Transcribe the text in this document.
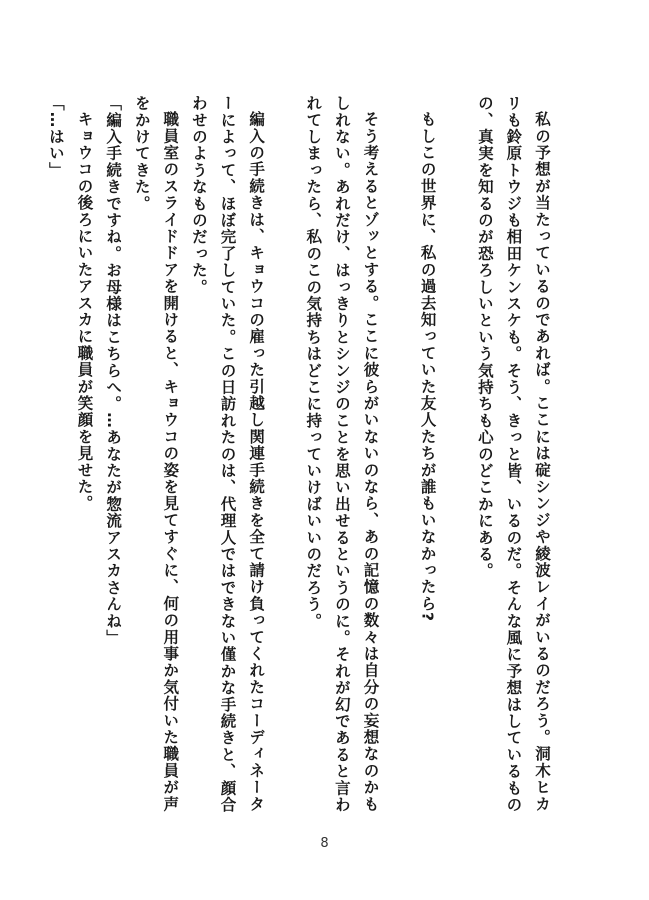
私の予想が当たっているのであれば。ここには碇シンジや綾波レイがいるのだろう。洞木ヒカ
リも鈴原トウジも相田ケンスケも。そう、きっと皆、いるのだ。そんな風に予想はしているもの
の、真実を知るのが恐ろしいという気持ちも心のどこかにある。

もしこの世界に、私の過去知っていた友人たちが誰もいなかったら?

そう考えるとゾッとする。ここに彼らがいないのなら、あの記憶の数々は自分の妄想なのかも
しれない。あれだけ、はっきりとシンジのことを思い出せるというのに。それが幻であると言わ
れてしまったら、私のこの気持ちはどこに持っていけばいいのだろう。

編入の手続きは、キョウコの雇った引越し関連手続きを全て請け負ってくれたコーディネータ
ーによって、ほぼ完了していた。この日訪れたのは、代理人ではできない僅かな手続きと、顔合
わせのようなものだった。
職員室のスライドドアを開けると、キョウコの姿を見てすぐに、何の用事か気付いた職員が声
をかけてきた。
「編入手続きですね。お母様はこちらへ。…あなたが惣流アスカさんね」
キョウコの後ろにいたアスカに職員が笑顔を見せた。
「…はい」
8
